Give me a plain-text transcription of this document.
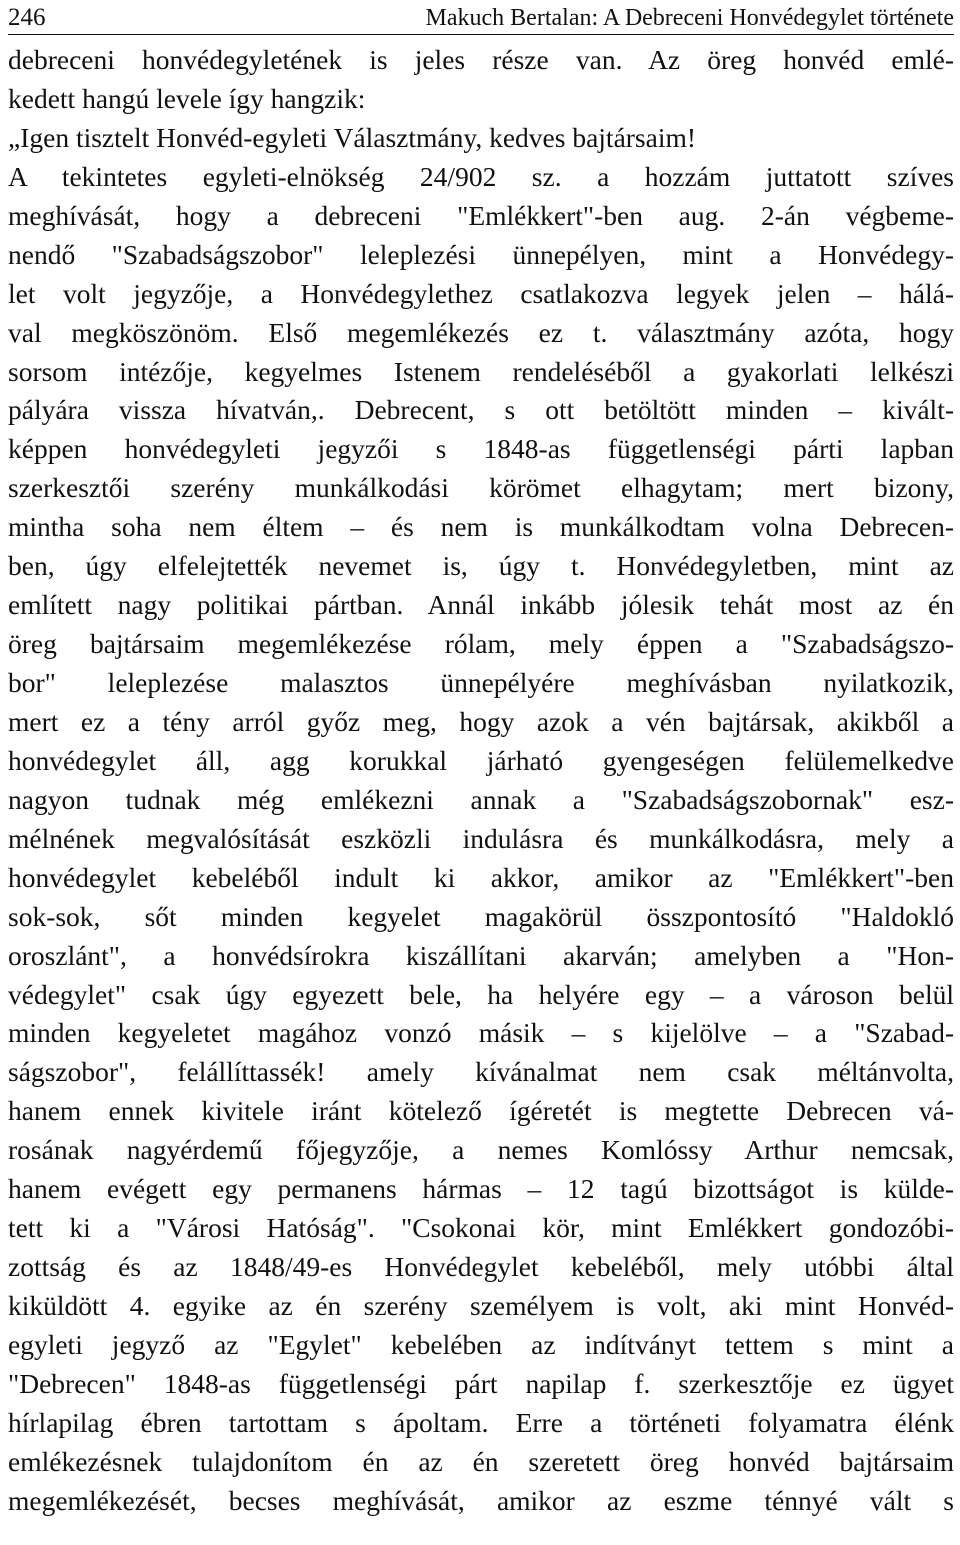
246	Makuch Bertalan: A Debreceni Honvédegylet története
debreceni honvédegyletének is jeles része van. Az öreg honvéd emlé-
kedett hangú levele így hangzik:
„Igen tisztelt Honvéd-egyleti Választmány, kedves bajtársaim!
A tekintetes egyleti-elnökség 24/902 sz. a hozzám juttatott szíves
meghívását, hogy a debreceni "Emlékkert"-ben aug. 2-án végbeme-
nendő "Szabadságszobor" leleplezési ünnepélyen, mint a Honvédegy-
let volt jegyzője, a Honvédegylethez csatlakozva legyek jelen – hálá-
val megköszönöm. Első megemlékezés ez t. választmány azóta, hogy
sorsom intézője, kegyelmes Istenem rendeléséből a gyakorlati lelkészi
pályára vissza hívatván,. Debrecent, s ott betöltött minden – kivált-
képpen honvédegyleti jegyzői s 1848-as függetlenségi párti lapban
szerkesztői szerény munkálkodási körömet elhagytam; mert bizony,
mintha soha nem éltem – és nem is munkálkodtam volna Debrecen-
ben, úgy elfelejtették nevemet is, úgy t. Honvédegyletben, mint az
említett nagy politikai pártban. Annál inkább jólesik tehát most az én
öreg bajtársaim megemlékezése rólam, mely éppen a "Szabadságszo-
bor" leleplezése malasztos ünnepélyére meghívásban nyilatkozik,
mert ez a tény arról győz meg, hogy azok a vén bajtársak, akikből a
honvédegylet áll, agg korukkal járható gyengeségen felülemelkedve
nagyon tudnak még emlékezni annak a "Szabadságszobornak" esz-
mélnének megvalósítását eszközli indulásra és munkálkodásra, mely a
honvédegylet kebeléből indult ki akkor, amikor az "Emlékkert"-ben
sok-sok, sőt minden kegyelet magakörül összpontosító "Haldokló
oroszlánt", a honvédsírokra kiszállítani akarván; amelyben a "Hon-
védegylet" csak úgy egyezett bele, ha helyére egy – a városon belül
minden kegyeletet magához vonzó másik – s kijelölve – a "Szabad-
ságszobor", felállíttassék! amely kívánalmat nem csak méltánvolta,
hanem ennek kivitele iránt kötelező ígéretét is megtette Debrecen vá-
rosának nagyérdemű főjegyzője, a nemes Komlóssy Arthur nemcsak,
hanem evégett egy permanens hármas – 12 tagú bizottságot is külde-
tett ki a "Városi Hatóság". "Csokonai kör, mint Emlékkert gondozóbi-
zottság és az 1848/49-es Honvédegylet kebeléből, mely utóbbi által
kiküldött 4. egyike az én szerény személyem is volt, aki mint Honvéd-
egyleti jegyző az "Egylet" kebelében az indítványt tettem s mint a
"Debrecen" 1848-as függetlenségi párt napilap f. szerkesztője ez ügyet
hírlapilag ébren tartottam s ápoltam. Erre a történeti folyamatra élénk
emlékezésnek tulajdonítom én az én szeretett öreg honvéd bajtársaim
megemlékezését, becses meghívását, amikor az eszme ténnyé vált s
